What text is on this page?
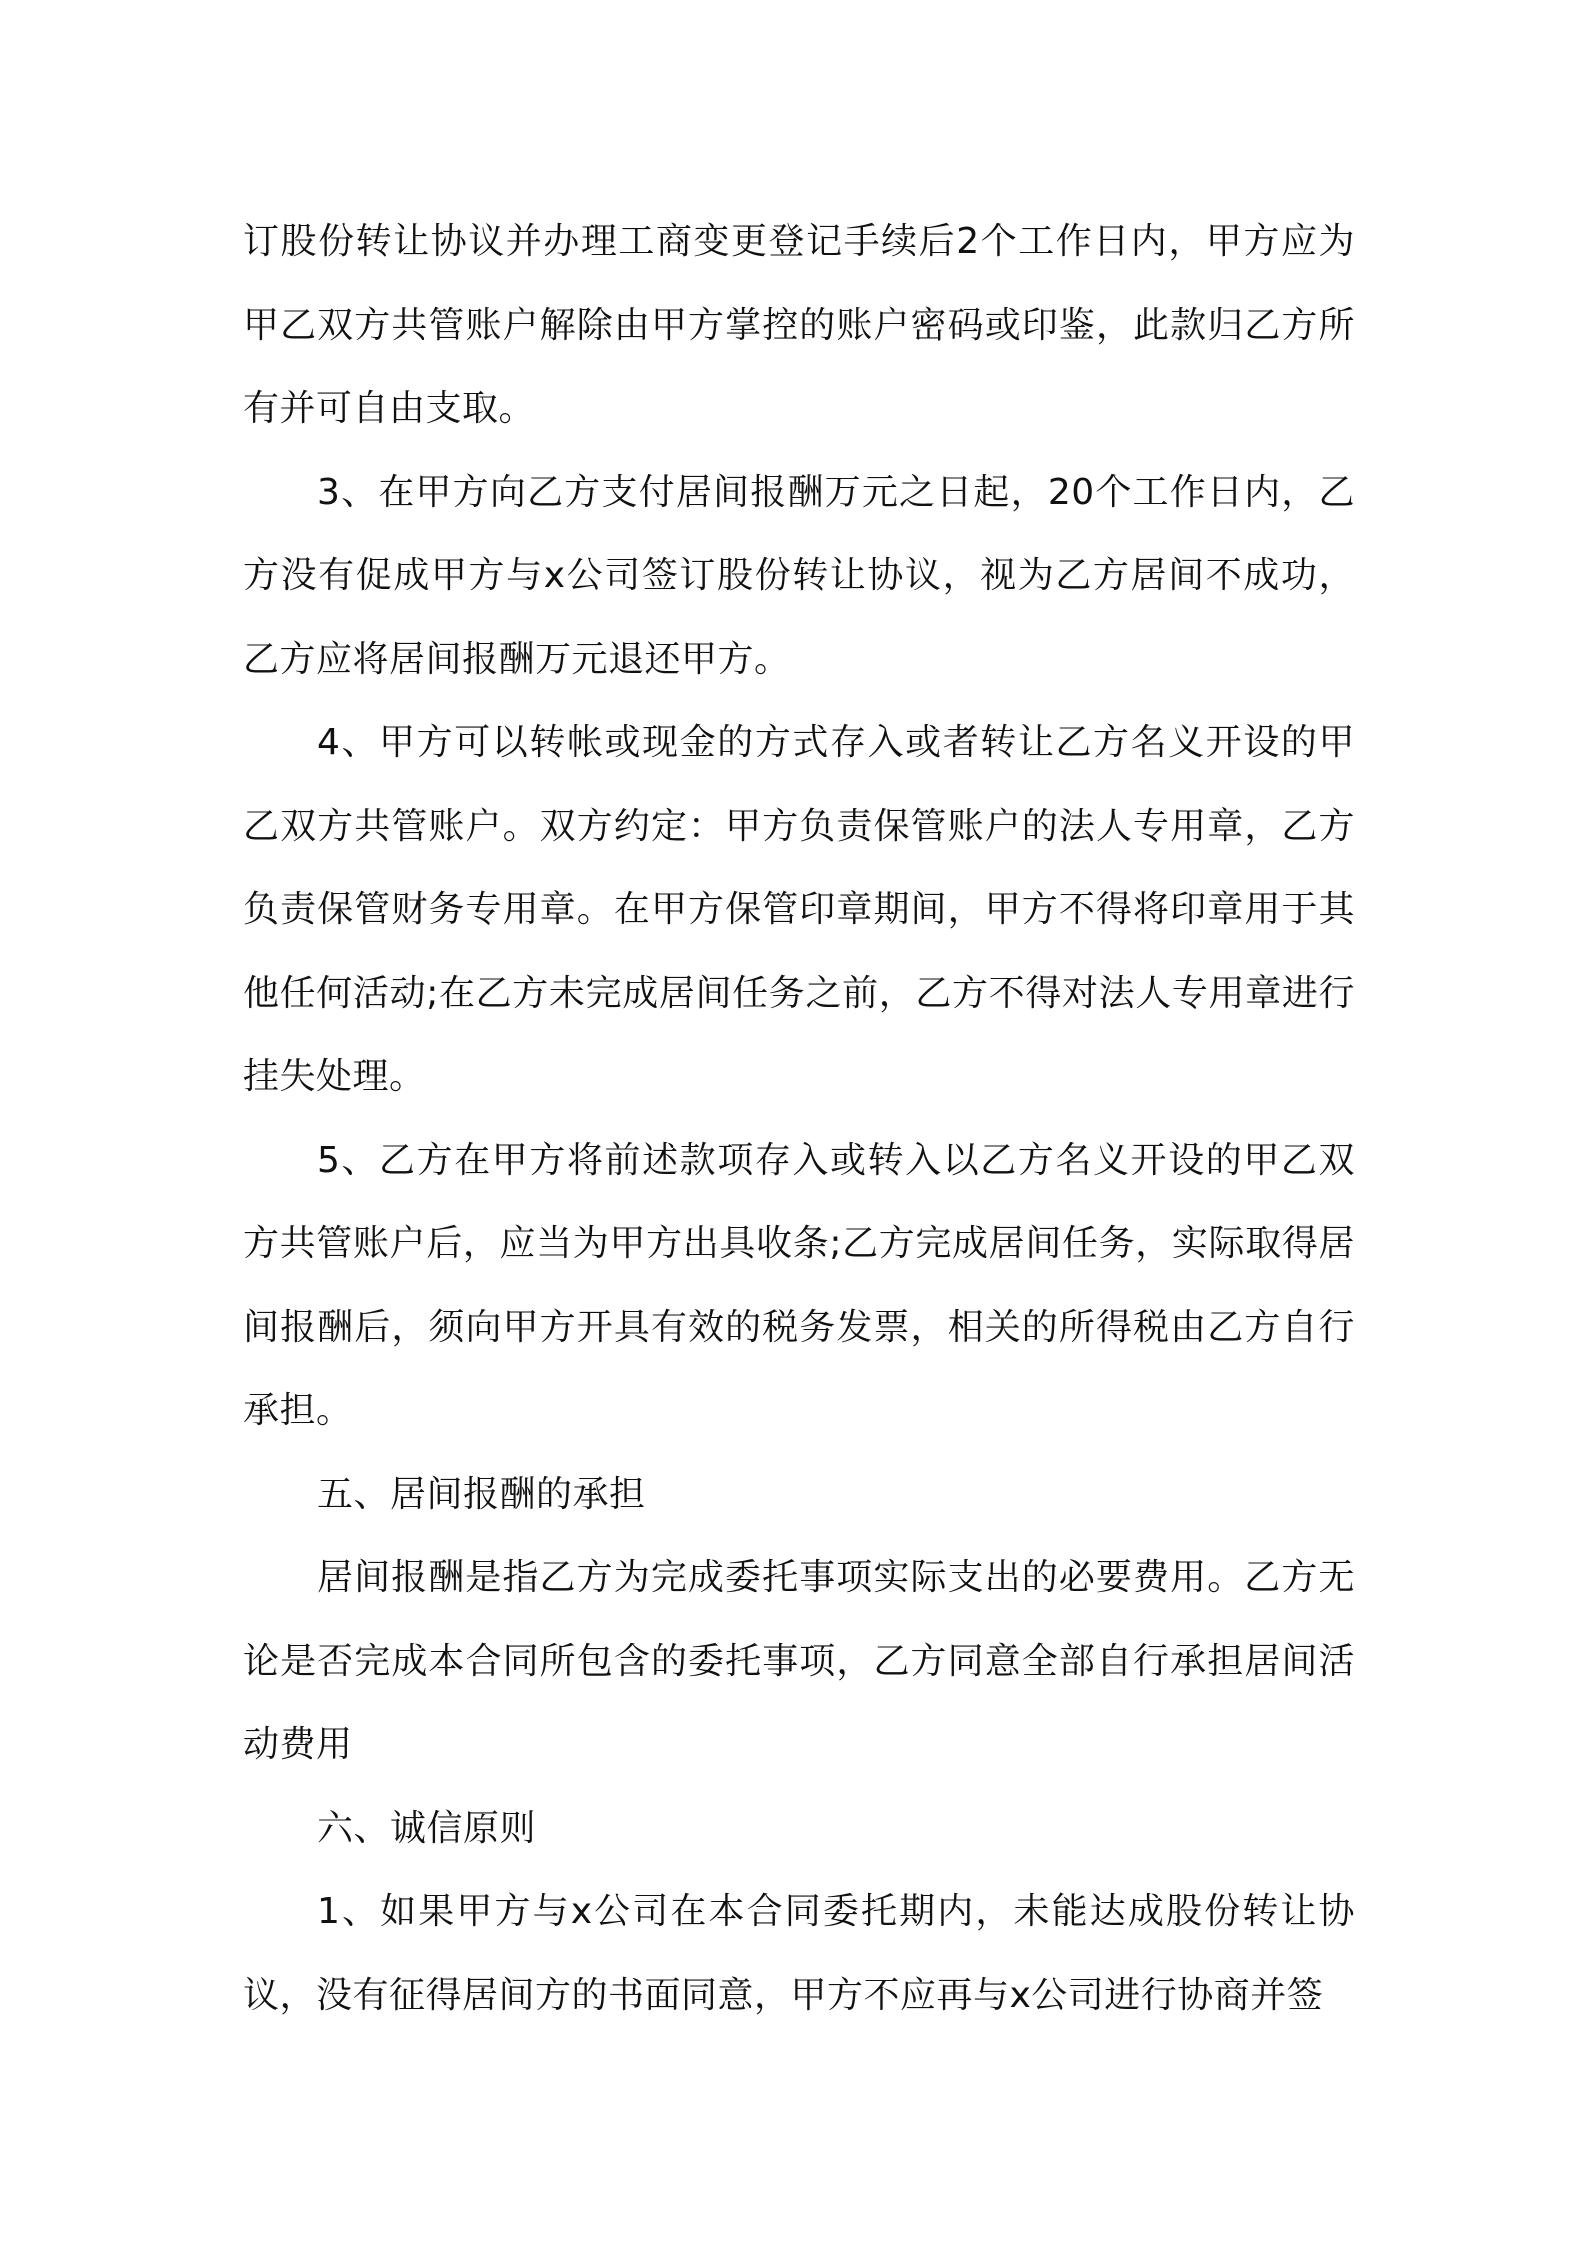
订股份转让协议并办理工商变更登记手续后2个工作日内，甲方应为甲乙双方共管账户解除由甲方掌控的账户密码或印鉴，此款归乙方所有并可自由支取。

3、在甲方向乙方支付居间报酬万元之日起，20个工作日内，乙方没有促成甲方与x公司签订股份转让协议，视为乙方居间不成功，乙方应将居间报酬万元退还甲方。

4、甲方可以转帐或现金的方式存入或者转让乙方名义开设的甲乙双方共管账户。双方约定：甲方负责保管账户的法人专用章，乙方负责保管财务专用章。在甲方保管印章期间，甲方不得将印章用于其他任何活动;在乙方未完成居间任务之前，乙方不得对法人专用章进行挂失处理。

5、乙方在甲方将前述款项存入或转入以乙方名义开设的甲乙双方共管账户后，应当为甲方出具收条;乙方完成居间任务，实际取得居间报酬后，须向甲方开具有效的税务发票，相关的所得税由乙方自行承担。

五、居间报酬的承担

居间报酬是指乙方为完成委托事项实际支出的必要费用。乙方无论是否完成本合同所包含的委托事项，乙方同意全部自行承担居间活动费用

六、诚信原则

1、如果甲方与x公司在本合同委托期内，未能达成股份转让协议，没有征得居间方的书面同意，甲方不应再与x公司进行协商并签
